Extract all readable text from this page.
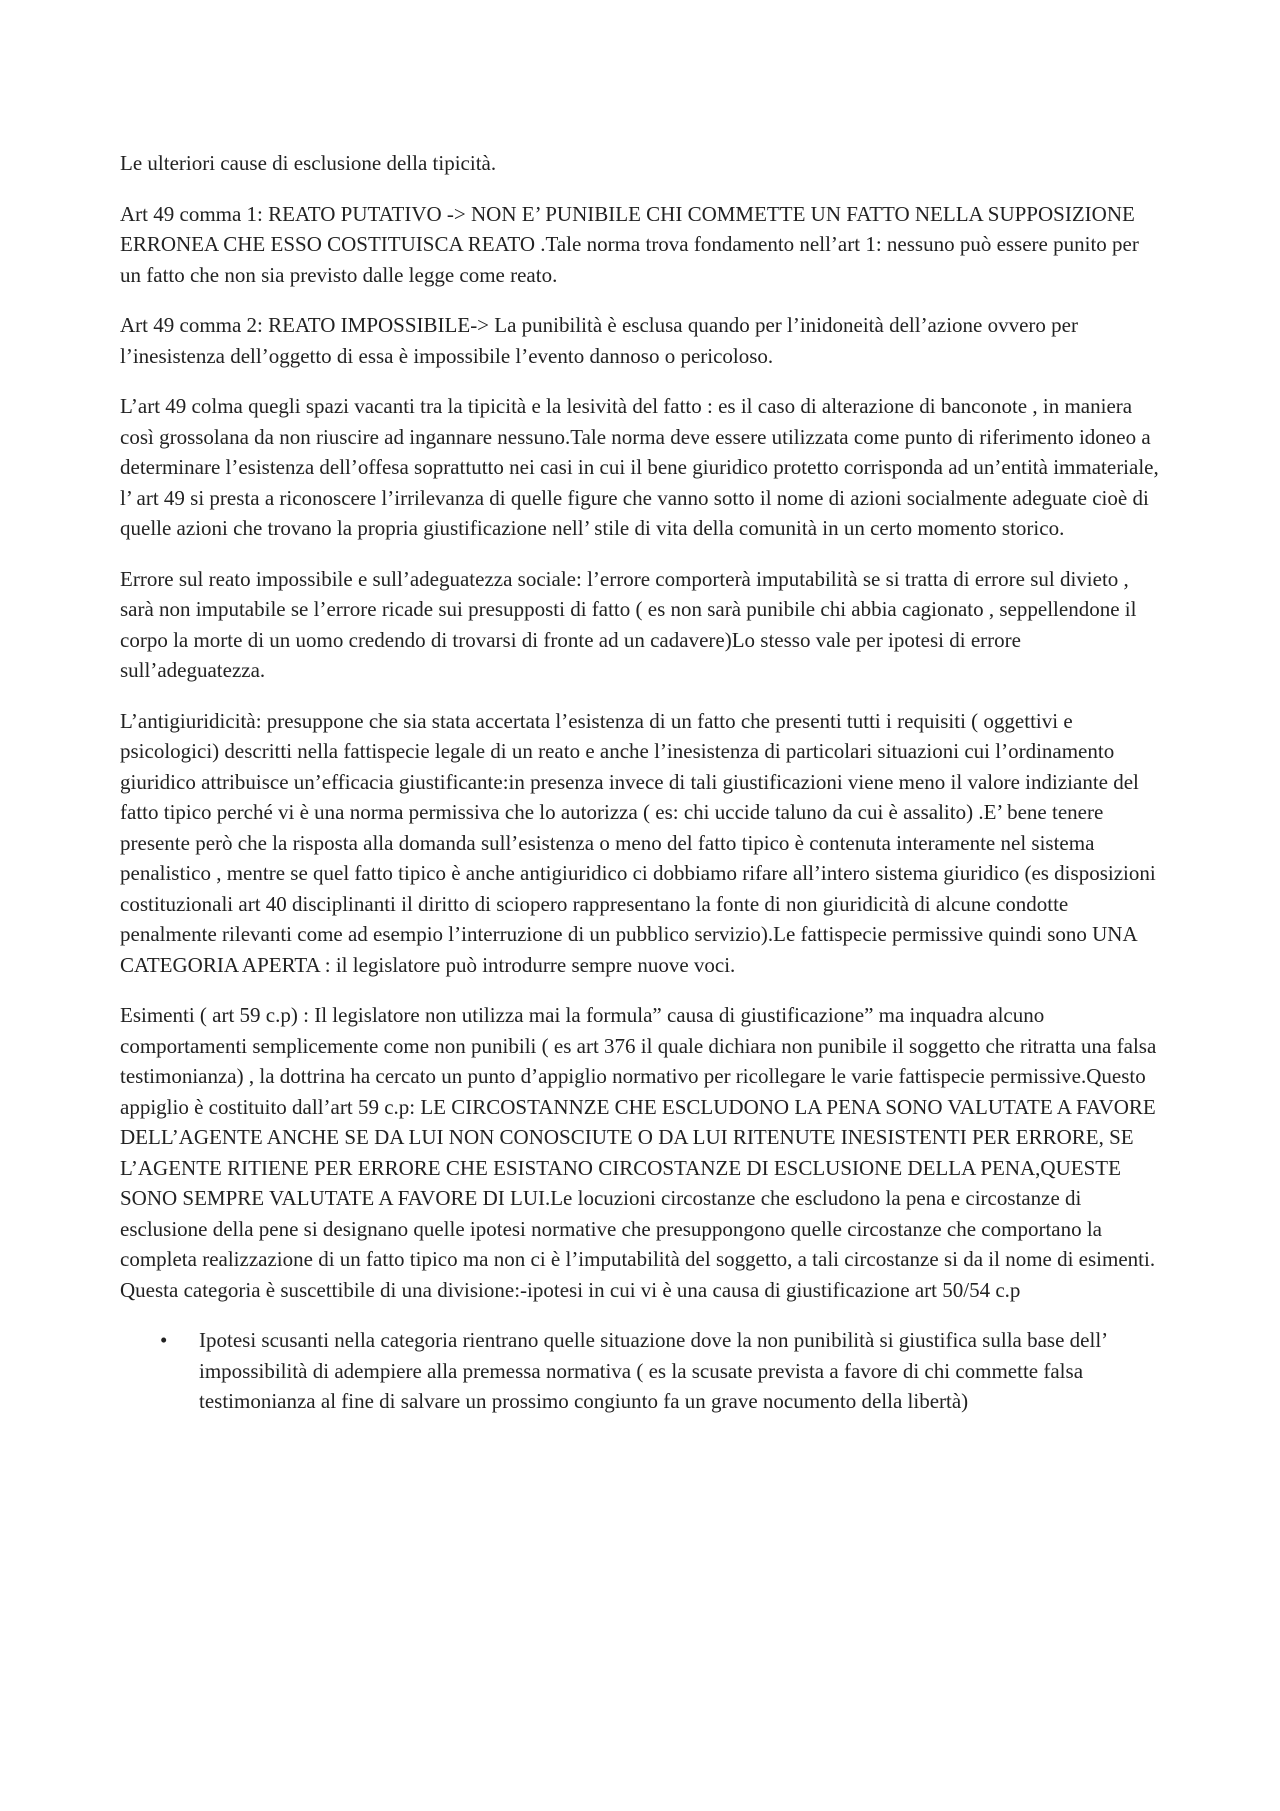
Le ulteriori cause di esclusione della tipicità.

Art 49 comma 1: REATO PUTATIVO -> NON E’ PUNIBILE CHI COMMETTE UN FATTO NELLA SUPPOSIZIONE ERRONEA CHE ESSO COSTITUISCA REATO .Tale norma trova fondamento nell’art 1: nessuno può essere punito per un fatto che non sia previsto dalle legge come reato.

Art 49 comma 2: REATO IMPOSSIBILE-> La punibilità è esclusa quando per l’inidoneità dell’azione ovvero per l’inesistenza dell’oggetto di essa è impossibile l’evento dannoso o pericoloso.

L’art 49 colma quegli spazi vacanti tra la tipicità e la lesività del fatto : es il caso di alterazione di banconote , in maniera così grossolana da non riuscire ad ingannare nessuno.Tale norma deve essere utilizzata come punto di riferimento idoneo a determinare l’esistenza dell’offesa soprattutto nei casi in cui il bene giuridico protetto corrisponda ad un’entità immateriale, l’ art 49 si presta a riconoscere l’irrilevanza di quelle figure che vanno sotto il nome di azioni socialmente adeguate cioè di quelle azioni che trovano la propria giustificazione nell’ stile di vita della comunità in un certo momento storico.

Errore sul reato impossibile e sull’adeguatezza sociale: l’errore comporterà imputabilità se si tratta di errore sul divieto , sarà non imputabile se l’errore ricade sui presupposti di fatto ( es non sarà punibile chi abbia cagionato , seppellendone il corpo la morte di un uomo credendo di trovarsi di fronte ad un cadavere)Lo stesso vale per ipotesi di errore sull’adeguatezza.

L’antigiuridicità: presuppone che sia stata accertata l’esistenza di un fatto che presenti tutti i requisiti ( oggettivi e psicologici) descritti nella fattispecie legale di un reato e anche l’inesistenza di particolari situazioni cui l’ordinamento giuridico attribuisce un’efficacia giustificante:in presenza invece di tali giustificazioni viene meno il valore indiziante del fatto tipico perché vi è una norma permissiva che lo autorizza ( es: chi uccide taluno da cui è assalito) .E’ bene tenere presente però che la risposta alla domanda sull’esistenza o meno del fatto tipico è contenuta interamente nel sistema penalistico , mentre se quel fatto tipico è anche antigiuridico ci dobbiamo rifare all’intero sistema giuridico (es disposizioni costituzionali art 40 disciplinanti il diritto di sciopero rappresentano la fonte di non giuridicità di alcune condotte penalmente rilevanti come ad esempio l’interruzione di un pubblico servizio).Le fattispecie permissive quindi sono UNA CATEGORIA APERTA : il legislatore può introdurre sempre nuove voci.

Esimenti ( art 59 c.p) : Il legislatore non utilizza mai la formula” causa di giustificazione” ma inquadra alcuno comportamenti semplicemente come non punibili ( es art 376 il quale dichiara non punibile il soggetto che ritratta una falsa testimonianza) , la dottrina ha cercato un punto d’appiglio normativo per ricollegare le varie fattispecie permissive.Questo appiglio è costituito dall’art 59 c.p: LE CIRCOSTANNZE CHE ESCLUDONO LA PENA SONO VALUTATE A FAVORE DELL’AGENTE ANCHE SE DA LUI NON CONOSCIUTE O DA LUI RITENUTE INESISTENTI PER ERRORE, SE L’AGENTE RITIENE PER ERRORE CHE ESISTANO CIRCOSTANZE DI ESCLUSIONE DELLA PENA,QUESTE SONO SEMPRE VALUTATE A FAVORE DI LUI.Le locuzioni circostanze che escludono la pena e circostanze di esclusione della pene si designano quelle ipotesi normative che presuppongono quelle circostanze che comportano la completa realizzazione di un fatto tipico ma non ci è l’imputabilità del soggetto, a tali circostanze si da il nome di esimenti. Questa categoria è suscettibile di una divisione:-ipotesi in cui vi è una causa di giustificazione art 50/54 c.p

• Ipotesi scusanti nella categoria rientrano quelle situazione dove la non punibilità si giustifica sulla base dell’ impossibilità di adempiere alla premessa normativa ( es la scusate prevista a favore di chi commette falsa testimonianza al fine di salvare un prossimo congiunto fa un grave nocumento della libertà)
